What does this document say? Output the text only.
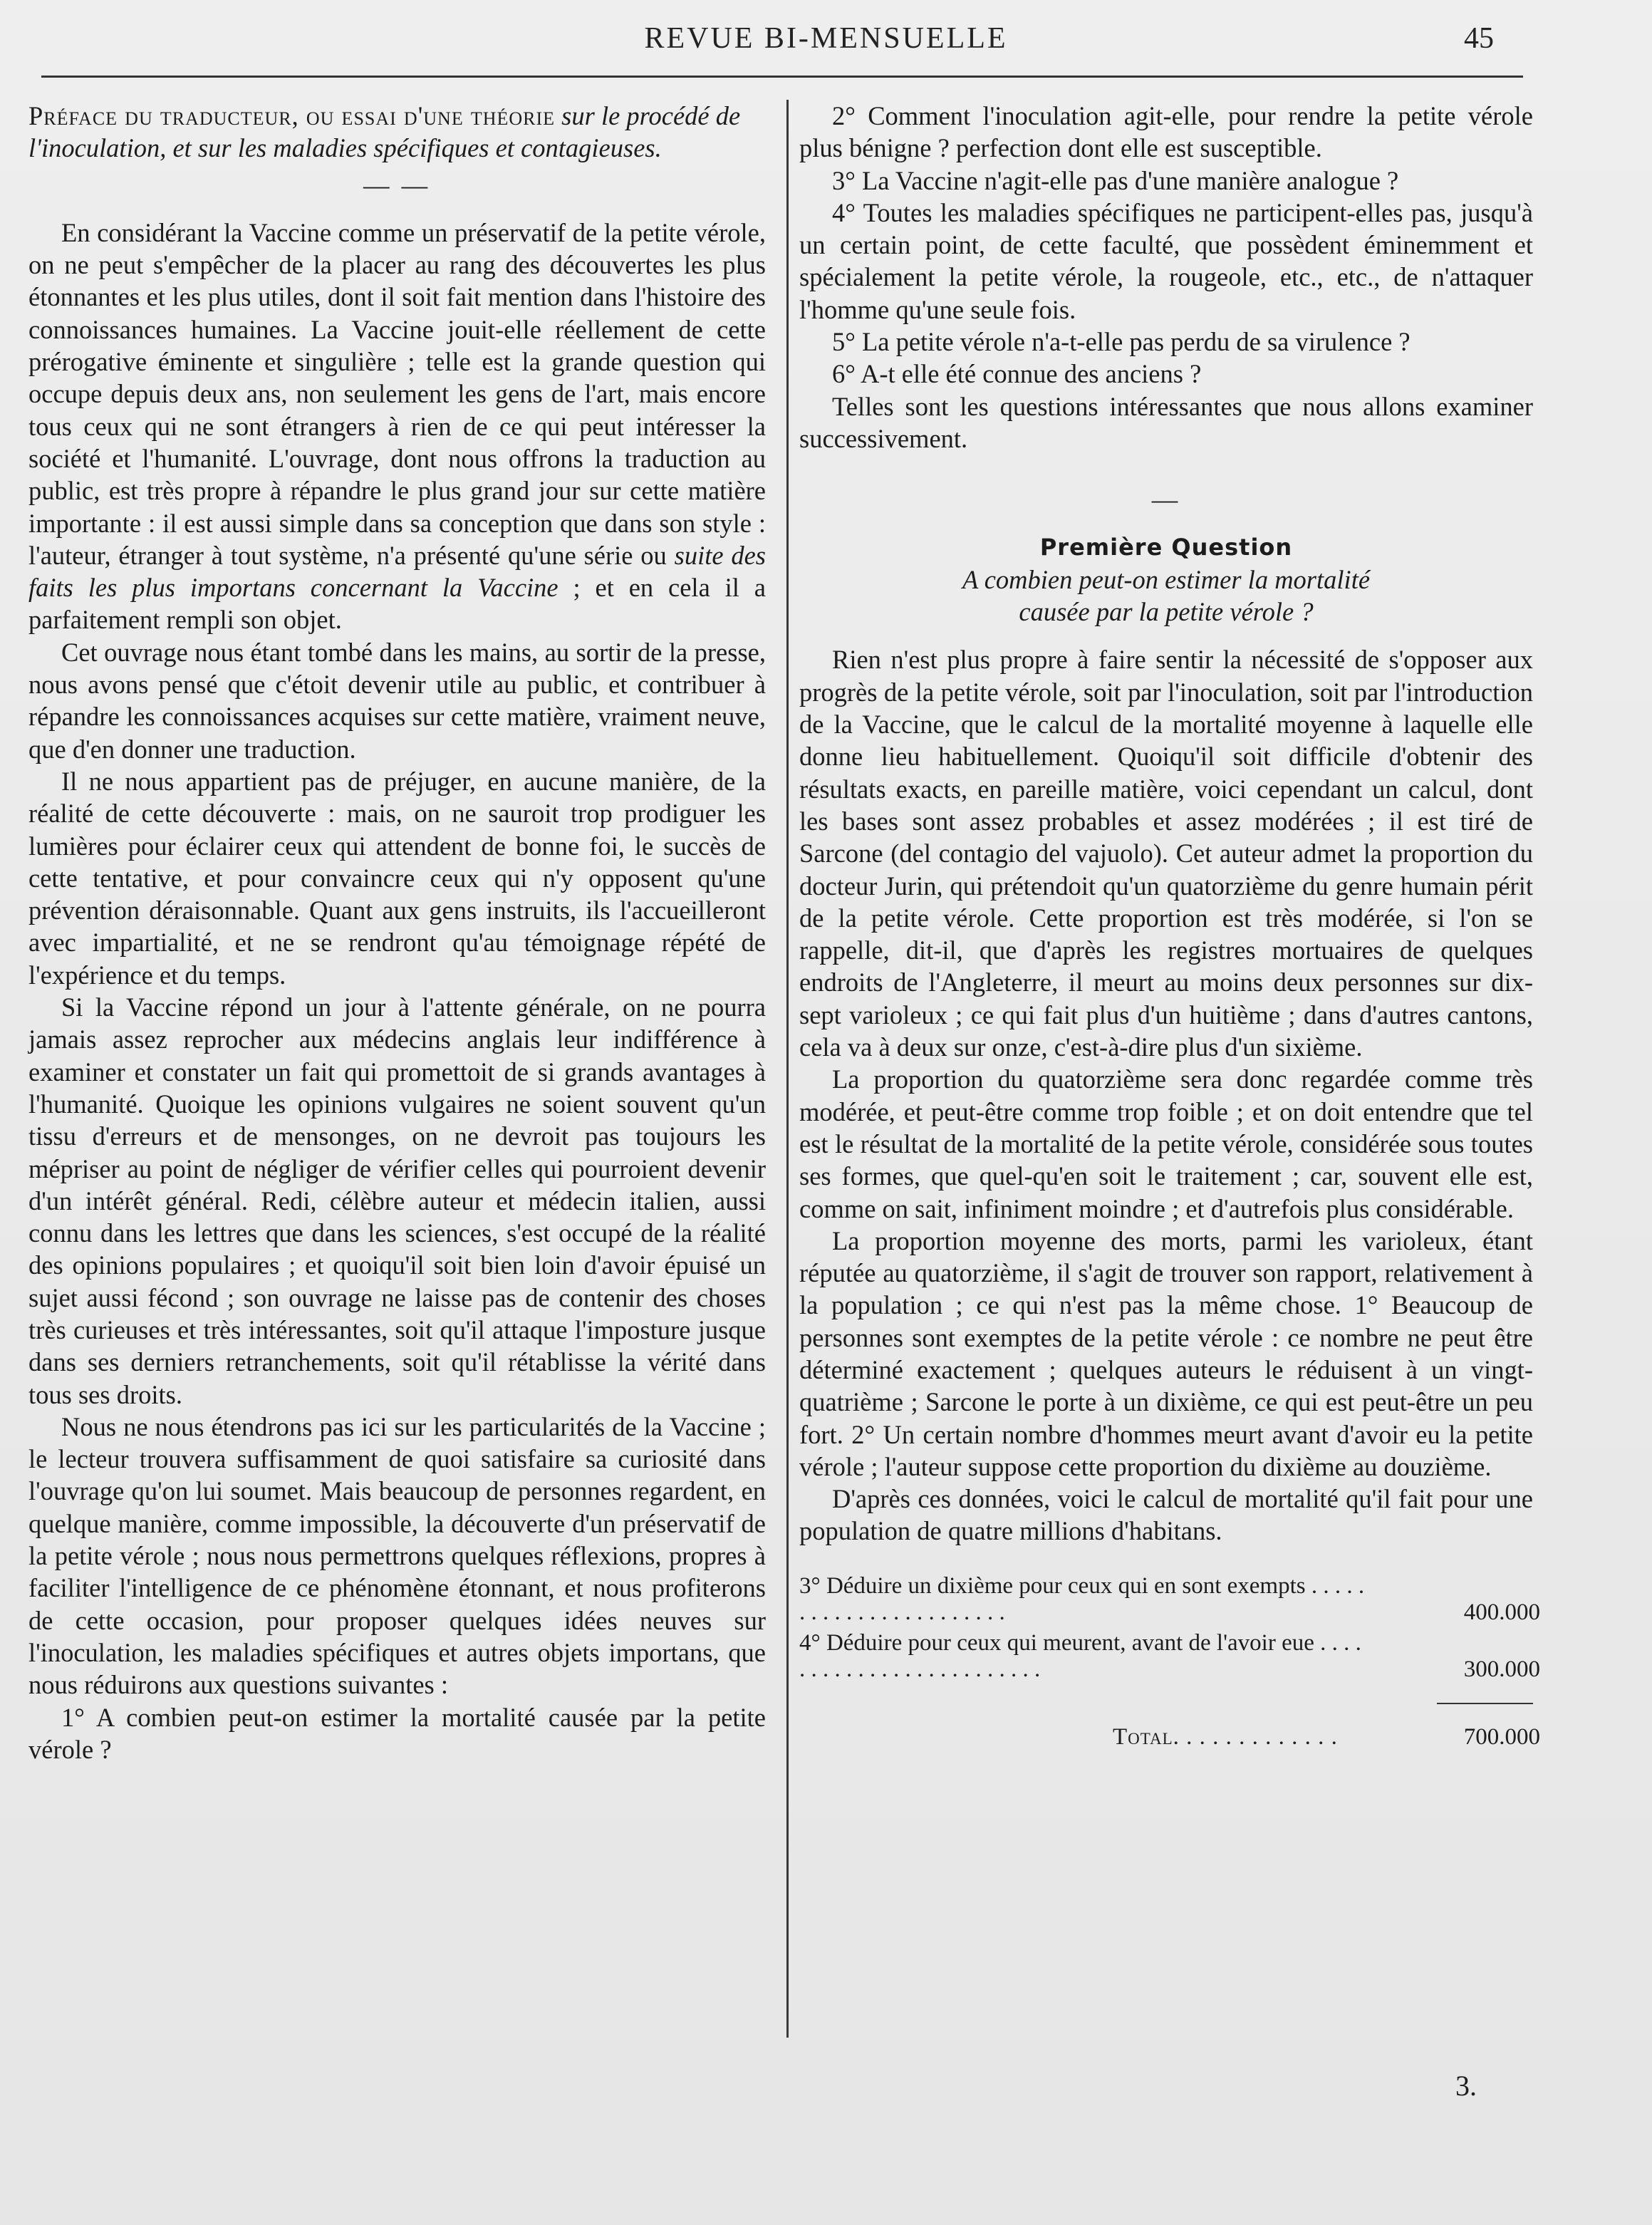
REVUE BI-MENSUELLE	45

Préface du traducteur, ou essai d'une théorie sur le procédé de l'inoculation, et sur les maladies spécifiques et contagieuses.

— —

En considérant la Vaccine comme un préservatif de la petite vérole, on ne peut s'empêcher de la placer au rang des découvertes les plus étonnantes et les plus utiles, dont il soit fait mention dans l'histoire des connoissances humaines. La Vaccine jouit-elle réellement de cette prérogative éminente et singulière ; telle est la grande question qui occupe depuis deux ans, non seulement les gens de l'art, mais encore tous ceux qui ne sont étrangers à rien de ce qui peut intéresser la société et l'humanité. L'ouvrage, dont nous offrons la traduction au public, est très propre à répandre le plus grand jour sur cette matière importante : il est aussi simple dans sa conception que dans son style : l'auteur, étranger à tout système, n'a présenté qu'une série ou suite des faits les plus importans concernant la Vaccine ; et en cela il a parfaitement rempli son objet.

Cet ouvrage nous étant tombé dans les mains, au sortir de la presse, nous avons pensé que c'étoit devenir utile au public, et contribuer à répandre les connoissances acquises sur cette matière, vraiment neuve, que d'en donner une traduction.

Il ne nous appartient pas de préjuger, en aucune manière, de la réalité de cette découverte : mais, on ne sauroit trop prodiguer les lumières pour éclairer ceux qui attendent de bonne foi, le succès de cette tentative, et pour convaincre ceux qui n'y opposent qu'une prévention déraisonnable. Quant aux gens instruits, ils l'accueilleront avec impartialité, et ne se rendront qu'au témoignage répété de l'expérience et du temps.

Si la Vaccine répond un jour à l'attente générale, on ne pourra jamais assez reprocher aux médecins anglais leur indifférence à examiner et constater un fait qui promettoit de si grands avantages à l'humanité. Quoique les opinions vulgaires ne soient souvent qu'un tissu d'erreurs et de mensonges, on ne devroit pas toujours les mépriser au point de négliger de vérifier celles qui pourroient devenir d'un intérêt général. Redi, célèbre auteur et médecin italien, aussi connu dans les lettres que dans les sciences, s'est occupé de la réalité des opinions populaires ; et quoiqu'il soit bien loin d'avoir épuisé un sujet aussi fécond ; son ouvrage ne laisse pas de contenir des choses très curieuses et très intéressantes, soit qu'il attaque l'imposture jusque dans ses derniers retranchements, soit qu'il rétablisse la vérité dans tous ses droits.

Nous ne nous étendrons pas ici sur les particularités de la Vaccine ; le lecteur trouvera suffisamment de quoi satisfaire sa curiosité dans l'ouvrage qu'on lui soumet. Mais beaucoup de personnes regardent, en quelque manière, comme impossible, la découverte d'un préservatif de la petite vérole ; nous nous permettrons quelques réflexions, propres à faciliter l'intelligence de ce phénomène étonnant, et nous profiterons de cette occasion, pour proposer quelques idées neuves sur l'inoculation, les maladies spécifiques et autres objets importans, que nous réduirons aux questions suivantes :

1° A combien peut-on estimer la mortalité causée par la petite vérole ?

2° Comment l'inoculation agit-elle, pour rendre la petite vérole plus bénigne ? perfection dont elle est susceptible.

3° La Vaccine n'agit-elle pas d'une manière analogue ?

4° Toutes les maladies spécifiques ne participent-elles pas, jusqu'à un certain point, de cette faculté, que possèdent éminemment et spécialement la petite vérole, la rougeole, etc., etc., de n'attaquer l'homme qu'une seule fois.

5° La petite vérole n'a-t-elle pas perdu de sa virulence ?

6° A-t elle été connue des anciens ?

Telles sont les questions intéressantes que nous allons examiner successivement.

—

Première Question

A combien peut-on estimer la mortalité

causée par la petite vérole ?

Rien n'est plus propre à faire sentir la nécessité de s'opposer aux progrès de la petite vérole, soit par l'inoculation, soit par l'introduction de la Vaccine, que le calcul de la mortalité moyenne à laquelle elle donne lieu habituellement. Quoiqu'il soit difficile d'obtenir des résultats exacts, en pareille matière, voici cependant un calcul, dont les bases sont assez probables et assez modérées ; il est tiré de Sarcone (del contagio del vajuolo). Cet auteur admet la proportion du docteur Jurin, qui prétendoit qu'un quatorzième du genre humain périt de la petite vérole. Cette proportion est très modérée, si l'on se rappelle, dit-il, que d'après les registres mortuaires de quelques endroits de l'Angleterre, il meurt au moins deux personnes sur dix-sept varioleux ; ce qui fait plus d'un huitième ; dans d'autres cantons, cela va à deux sur onze, c'est-à-dire plus d'un sixième.

La proportion du quatorzième sera donc regardée comme très modérée, et peut-être comme trop foible ; et on doit entendre que tel est le résultat de la mortalité de la petite vérole, considérée sous toutes ses formes, que quel-qu'en soit le traitement ; car, souvent elle est, comme on sait, infiniment moindre ; et d'autrefois plus considérable.

La proportion moyenne des morts, parmi les varioleux, étant réputée au quatorzième, il s'agit de trouver son rapport, relativement à la population ; ce qui n'est pas la même chose. 1° Beaucoup de personnes sont exemptes de la petite vérole : ce nombre ne peut être déterminé exactement ; quelques auteurs le réduisent à un vingt-quatrième ; Sarcone le porte à un dixième, ce qui est peut-être un peu fort. 2° Un certain nombre d'hommes meurt avant d'avoir eu la petite vérole ; l'auteur suppose cette proportion du dixième au douzième.

D'après ces données, voici le calcul de mortalité qu'il fait pour une population de quatre millions d'habitans.

3° Déduire un dixième pour ceux qui en sont exempts . . . . . . . . . . . . . . . . . . . . . . .	400.000
4° Déduire pour ceux qui meurent, avant de l'avoir eue . . . . . . . . . . . . . . . . . . . . . . . . .	300.000
Total. . . . . . . . . . . . .	700.000
3.
